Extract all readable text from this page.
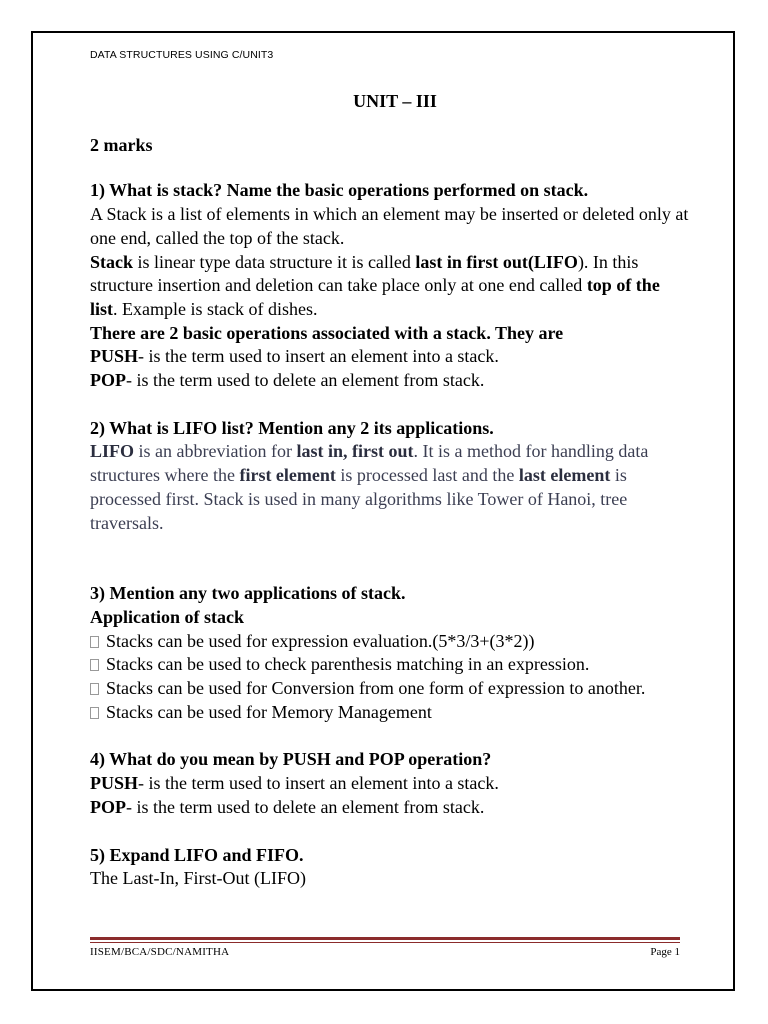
DATA STRUCTURES USING C/UNIT3
UNIT – III
2 marks

1) What is stack? Name the basic operations performed on stack.

A Stack is a list of elements in which an element may be inserted or deleted only at one end, called the top of the stack.

Stack is linear type data structure it is called last in first out(LIFO). In this structure insertion and deletion can take place only at one end called top of the list. Example is stack of dishes.

There are 2 basic operations associated with a stack. They are

PUSH- is the term used to insert an element into a stack.

POP- is the term used to delete an element from stack.

2) What is LIFO list? Mention any 2 its applications.

LIFO is an abbreviation for last in, first out. It is a method for handling data structures where the first element is processed last and the last element is processed first. Stack is used in many algorithms like Tower of Hanoi, tree traversals.

3) Mention any two applications of stack.

Application of stack

Stacks can be used for expression evaluation.(5*3/3+(3*2))

Stacks can be used to check parenthesis matching in an expression.

Stacks can be used for Conversion from one form of expression to another.

Stacks can be used for Memory Management

4) What do you mean by PUSH and POP operation?

PUSH- is the term used to insert an element into a stack.

POP- is the term used to delete an element from stack.

5) Expand LIFO and FIFO.

The Last-In, First-Out (LIFO)

IISEM/BCA/SDC/NAMITHA	Page 1
